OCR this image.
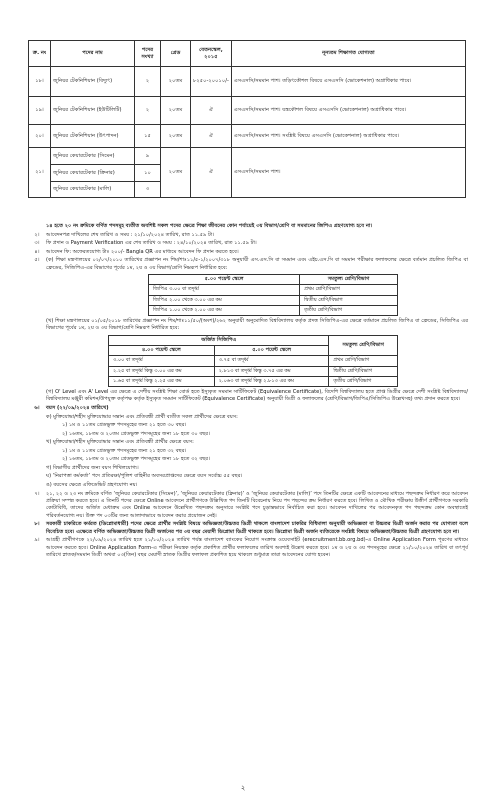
ক্র. নং	পদের নাম	পদের সংখ্যা	গ্রেড	বেতনস্কেল, ২০১৫	নূন্যতম শিক্ষাগত যোগ্যতা
১৮।	জুনিয়র টেকনিশিয়ান (বিদ্যুৎ)	২	২০তম	৮২৫০-২০০১০/-	এসএসসি/সমমান পাশ। তড়িৎকৌশল বিষয়ে এসএসসি (ভোকেশনাল) অগ্রাধিকার পাবে।
১৯।	জুনিয়র টেকনিশিয়ান (ইউটিলিটি)	২	২০তম	ঐ	এসএসসি/সমমান পাশ। যন্ত্রকৌশল বিষয়ে এসএসসি (ভোকেশনাল) অগ্রাধিকার পাবে।
২০।	জুনিয়র টেকনিশিয়ান (উৎপাদন)	১৫	২০তম	ঐ	এসএসসি/সমমান পাশ। সংশ্লিষ্ট বিষয়ে এসএসসি (ভোকেশনাল) অগ্রাধিকার পাবে।
২১।	জুনিয়র কেয়ারটেকার (সিমেন)	৯	২০তম	ঐ	এসএসসি/সমমান পাশ।
	জুনিয়র কেয়ারটেকার (ক্রিনার)	১০			
	জুনিয়র কেয়ারটেকার (মালি)	৩			
১৪ হতে ২০ নং ক্রমিকে বর্ণিত পদসমূহ ব্যতীত অবশিষ্ট সকল পদের ক্ষেত্রে শিক্ষা জীবনের কোন পর্যায়েই ৩য় বিভাগ/শ্রেণি বা সমমানের জিপিএ গ্রহণযোগ্য হবে না।
২।	আবেদনপত্র দাখিলের শেষ তারিখ ও সময় : ২১/১০/২০২৪ তারিখ, রাত ১১.৫৯ টা।
৩।	ফি প্রদান ও Payment Verification এর শেষ তারিখ ও সময় : ২৪/১০/২০২৪ তারিখ, রাত ১১.৫৯ টা।
৪।	আবেদন ফি: অফেরতযোগ্য টাঃ ২০০/- Bangla QR এর মাধ্যমে আবেদন ফি প্রদান করতে হবে।
৫।	(ক) শিক্ষা মন্ত্রণালয়ের ০২/০৭/২০১০ তারিখের প্রজ্ঞাপন নং শিম/শাঃ১১/৫-১/২০০৭/৩১৮ অনুযায়ী এস.এস.সি বা সমমান এবং এইচ.এস.সি বা সমমান পরীক্ষার ফলাফলের ক্ষেত্রে বর্তমান প্রচলিত জিপিএ বা ফ্রেডের, সিজিপিএ-এর বিভাগের পূর্বের ১ম, ২য় ও ৩য় বিভাগ/শ্রেণি নিম্নরূপ নির্ধারিত হবে:
৫.০০ পয়েন্ট স্কেলে	সমতুল্য শ্রেণি/বিভাগ
জিপিএ ৩.০০ বা তদূর্ধ্ব	প্রথম শ্রেণি/বিভাগ
জিপিএ ২.০০ থেকে ৩.০০ এর কম	দ্বিতীয় শ্রেণি/বিভাগ
জিপিএ ১.০০ থেকে ২.০০ এর কম	তৃতীয় শ্রেণি/বিভাগ
(খ) শিক্ষা মন্ত্রণালয়ের ০১/০৫/২০১৮ তারিখের প্রজ্ঞাপন নং শিম/শাঃ১১/৫০/(অংশ)/২৬২ অনুযায়ী অনুমোদিত বিশ্ববিদ্যালয় কর্তৃক প্রদত্ত সিজিপিএ-এর ক্ষেত্রে বর্তমানে প্রচলিত জিপিএ বা ফ্রেডের, সিজিপিএ এর বিভাগের পূর্বের ১ম, ২য় ও ৩য় বিভাগ/শ্রেণি নিম্নরূপ নির্ধারিত হবে:
অর্জিত সিজিপিএ		সমতুল্য শ্রেণি/বিভাগ
৪.০০ পয়েন্ট স্কেলে	৫.০০ পয়েন্ট স্কেলে	
৩.০০ বা তদূর্ধ্ব	৩.৭৫ বা তদূর্ধ্ব	প্রথম শ্রেণি/বিভাগ
২.২৫ বা তদূর্ধ্ব কিন্তু ৩.০০ এর কম	২.৮১৩ বা তদূর্ধ্ব কিন্তু ৩.৭৫ এর কম	দ্বিতীয় শ্রেণি/বিভাগ
১.৬৫ বা তদূর্ধ্ব কিন্তু ২.২৫ এর কম	২.০৬৩ বা তদূর্ধ্ব কিন্তু ২.৮১৩ এর কম	তৃতীয় শ্রেণি/বিভাগ
(গ) O' Level এবং A' Level এর ক্ষেত্রে এ দেশীয় সংশ্লিষ্ট শিক্ষা বোর্ড হতে ইস্যুকৃত সমমান সার্টিফিকেট (Equivalence Certificate), বিদেশি বিশ্ববিদ্যালয় হতে প্রাপ্ত ডিগ্রীর ক্ষেত্রে দেশী সংশ্লিষ্ট বিশ্ববিদ্যালয়/বিশ্ববিদ্যালয় মঞ্জুরী কমিশন/উপযুক্ত কর্তৃপক্ষ কর্তৃক ইস্যুকৃত সমমান সার্টিফিকেট (Equivalence Certificate) অনুযায়ী ডিগ্রী ও ফলাফলের (শ্রেণি/বিভাগ/জিপিএ/সিজিপিএ উল্লেখসহ) তথ্য প্রদান করতে হবে।
৬।	বয়স (২২/০৯/২০২৪ তারিখে)
ক) মুক্তিযোদ্ধা/শহীদ মুক্তিযোদ্ধার সন্তান এবং প্রতিবন্ধী প্রার্থী ব্যতীত সকল প্রার্থীদের ক্ষেত্রে বয়স:
১) ১ম ও ১১তম গ্রেডভুক্ত পদসমূহের জন্য ২১ হতে ৩০ বছর।
২) ১৬তম, ১৮তম ও ২০তম গ্রেডভুক্ত পদসমূহের জন্য ১৮ হতে ৩০ বছর।
খ) মুক্তিযোদ্ধা/শহীদ মুক্তিযোদ্ধার সন্তান এবং প্রতিবন্ধী প্রার্থীর ক্ষেত্রে বয়স:
১) ১ম ও ১১তম গ্রেডভুক্ত পদসমূহের জন্য ২১ হতে ৩২ বছর।
২) ১৬তম, ১৮তম ও ২০তম গ্রেডভুক্ত পদসমূহের জন্য ১৮ হতে ৩২ বছর।
গ) বিভাগীয় প্রার্থীদের জন্য বয়স শিথিলযোগ্য।
ঘ) ‘নিরাপত্তা কর্মকর্তা’ পদে প্রতিরক্ষা/পুলিশ বাহিনীর অবসরপ্রাপ্তদের ক্ষেত্রে বয়স সর্বোচ্চ ৫৫ বছর।
ঙ) বয়সের ক্ষেত্রে এফিডেভিট গ্রহণযোগ্য নয়।
৭।	২১, ২২ ও ২৩ নং ক্রমিকে বর্ণিত ‘জুনিয়র কেয়ারটেকার (সিমেন)’, ‘জুনিয়র কেয়ারটেকার (ক্লিনার)’ ও ‘জুনিয়র কেয়ারটেকার (মালি)’ পদে তিনটির ক্ষেত্রে একটি আবেদনের মাধ্যমে পছন্দক্রম নির্ধারণ করে আবেদন প্রক্রিয়া সম্পন্ন করতে হবে। এ তিনটি পদের ক্ষেত্রে Online আবেদনে প্রার্থীগণকে উল্লিখিত পদ তিনটি বিবেচনায় নিয়ে পদ পছন্দের ক্রম নির্ধারণ করতে হবে। লিখিত ও মৌখিক পরীক্ষায় উত্তীর্ণ প্রার্থীগণকে সরকারি কোটাবিধি, তাদের অর্জিত মেধাক্রম এবং Online আবেদনে উল্লেখিত পছন্দক্রম অনুসারে সংশ্লিষ্ট পদে চূড়ান্তভাবে নির্বাচিত করা হবে। আবেদন দাখিলের পর আবেদনকৃত পদ পছন্দক্রম কোন অবস্থাতেই পরিবর্তনযোগ্য নয়। উক্ত পদ ০৩টির জন্য আলাদাভাবে আবেদন করার প্রয়োজন নেই।
৮।	সরকারী চাকরিতে কর্মরত (ডিপ্লোমাধারী) পদের ক্ষেত্রে প্রার্থীর সংশ্লিষ্ট বিষয়ে অভিজ্ঞতা/উচ্চতর ডিগ্রী থাকলে বাংলাদেশ চাকরির বিধিমালা অনুযায়ী অভিজ্ঞতা বা উচ্চতর ডিগ্রী অর্জন করার পর যোগ্যতা বলে বিবেচিত হবে। এক্ষেত্রে বর্ণিত অভিজ্ঞতা/উচ্চতর ডিগ্রী অর্জনের পর ৩য় বছর মেয়াদী ডিপ্লোমা ডিগ্রী থাকতে হবে। ডিপ্লোমা ডিগ্রী অর্জন ব্যতিরেকে সংশ্লিষ্ট বিষয়ে অভিজ্ঞতা/উচ্চতর ডিগ্রী গ্রহণযোগ্য হবে না।
৯।	আগ্রহী প্রার্থীগণকে ২২/০৯/২০২৪ তারিখ হতে ২১/১০/২০২৪ তারিখ পর্যন্ত বাংলাদেশ ব্যাংকের নিয়োগ সংক্রান্ত ওয়েবসাইট (erecruitment.bb.org.bd)-এ Online Application Form পূরণের মাধ্যমে আবেদন করতে হবে। Online Application Form-এ পরীক্ষা নিয়ন্ত্রক কর্তৃক প্রকাশিত প্রার্থীর ফলাফলের তারিখ অবশ্যই উল্লেখ করতে হবে। ১ম ও ২য় ও ৩য় পদসমূহের ক্ষেত্রে ২১/১০/২০২৪ তারিখ বা তৎপূর্ব তারিখে স্নাতক/সমমান ডিগ্রী অথবা ০৩(তিন) বছর মেয়াদী স্নাতক ডিগ্রীর ফলাফল প্রকাশিত হয়ে থাকলে শুধুমাত্র তারা আবেদনের যোগ্য হবেন।
২
